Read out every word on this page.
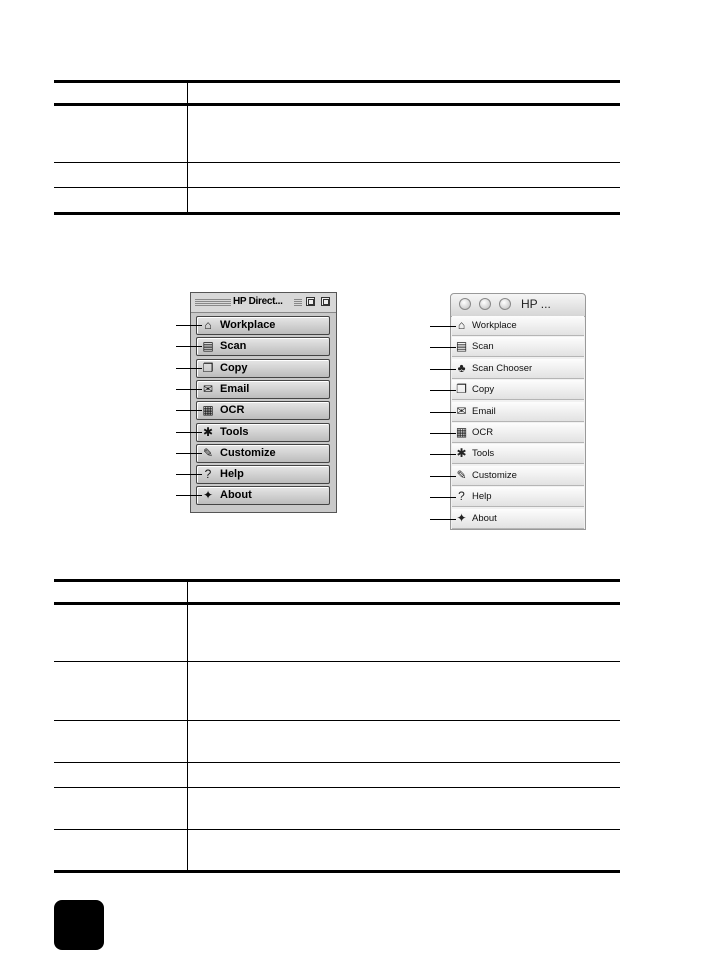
HP Direct...
⌂ Workplace
▤ Scan
❐ Copy
✉ Email
▦ OCR
✱ Tools
✎ Customize
? Help
✦ About
HP ...
⌂ Workplace
▤ Scan
♣ Scan Chooser
❐ Copy
✉ Email
▦ OCR
✱ Tools
✎ Customize
? Help
✦ About
